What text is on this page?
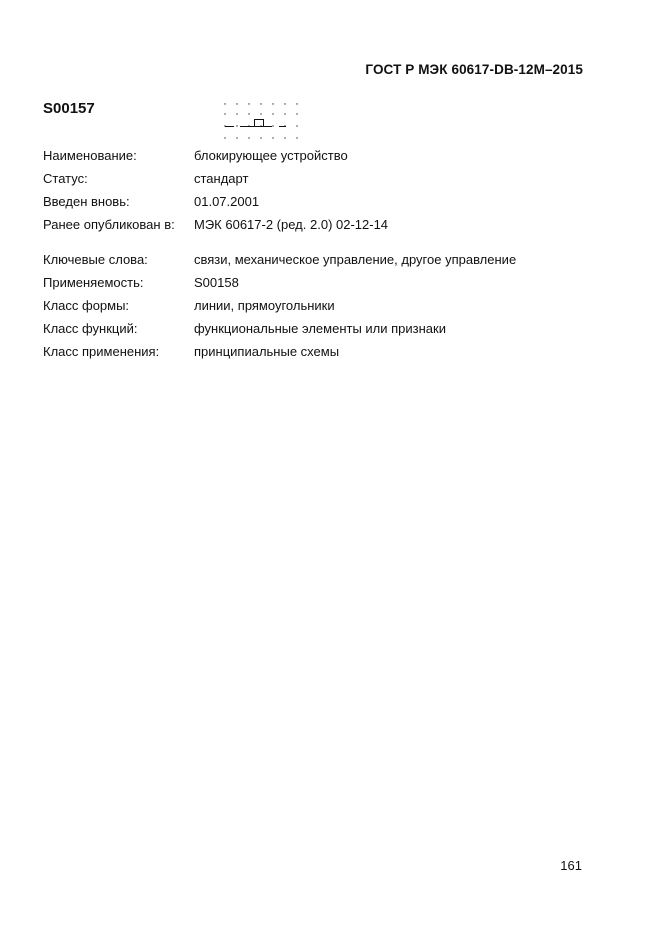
ГОСТ Р МЭК 60617-DB-12M–2015
S00157
Наименование:	блокирующее устройство
Статус:	стандарт
Введен вновь:	01.07.2001
Ранее опубликован в:	МЭК 60617-2 (ред. 2.0) 02-12-14
Ключевые слова:	связи, механическое управление, другое управление
Применяемость:	S00158
Класс формы:	линии, прямоугольники
Класс функций:	функциональные элементы или признаки
Класс применения:	принципиальные схемы
161
